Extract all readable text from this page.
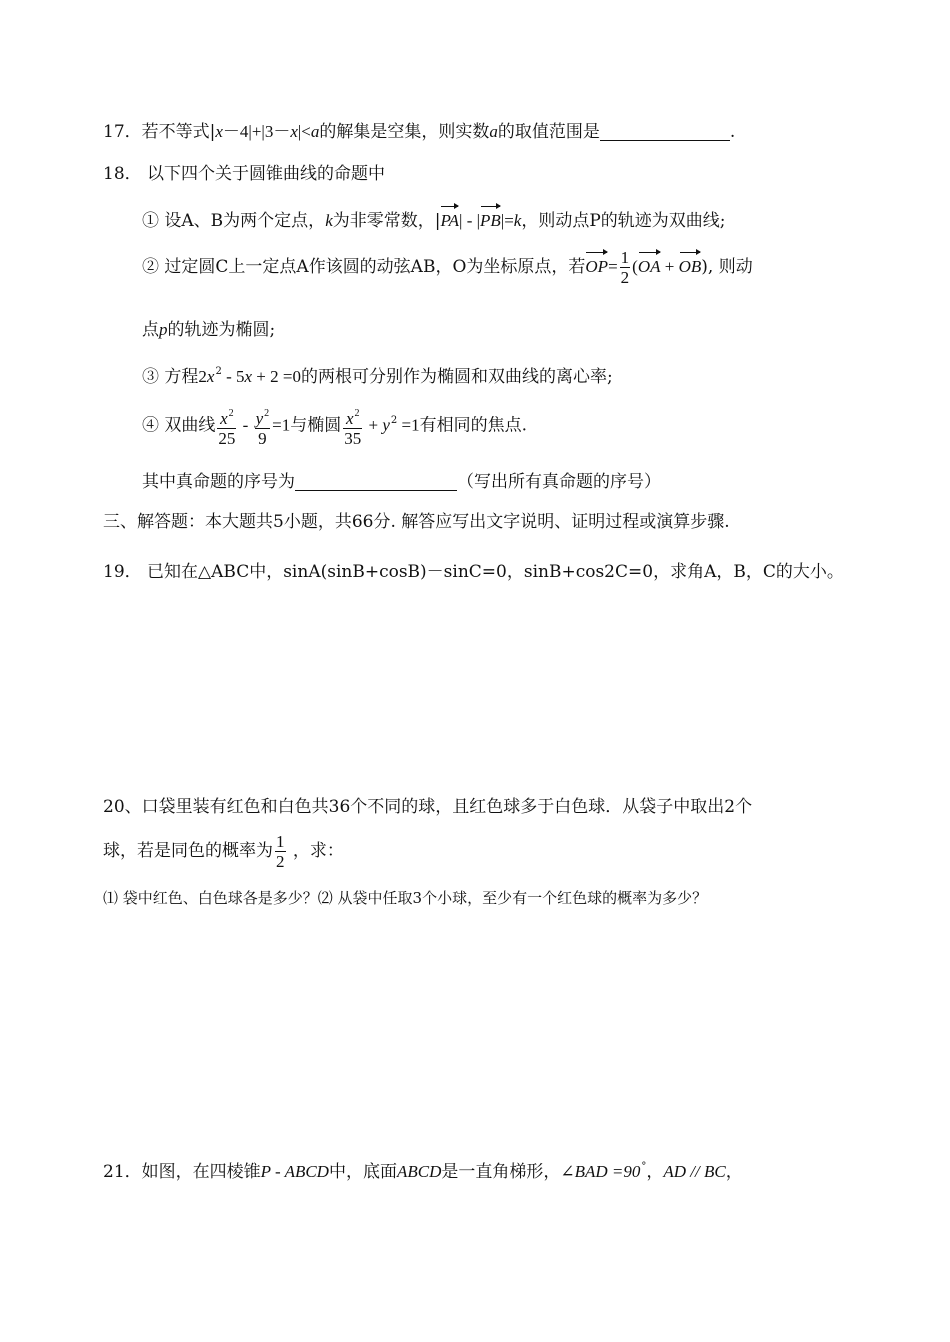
17．若不等式|x－4|+|3－x|<a的解集是空集，则实数a的取值范围是	.
18． 以下四个关于圆锥曲线的命题中
① 设A、B为两个定点，k为非零常数，|PA| - |PB|=k，则动点P的轨迹为双曲线;
② 过定圆C上一定点A作该圆的动弦AB，O为坐标原点，若$OP= \frac{1}{2} (OA + OB)$, 则动
点p的轨迹为椭圆;
③ 方程$2x^2 - 5x + 2 =0$的两根可分别作为椭圆和双曲线的离心率;
④ 双曲线 $\frac{x^2}{25} - \frac{y^2}{9} =1$与椭圆 $\frac{x^2}{35} + y^2 =1$有相同的焦点.
其中真命题的序号为	（写出所有真命题的序号）
三、解答题：本大题共5小题，共66分. 解答应写出文字说明、证明过程或演算步骤.
19． 已知在△ABC中，sinA(sinB+cosB)－sinC=0，sinB+cos2C=0，求角A，B，C的大小。
20、口袋里装有红色和白色共36个不同的球，且红色球多于白色球．从袋子中取出2个
球，若是同色的概率为 $\frac{1}{2}$ ，求：
⑴ 袋中红色、白色球各是多少？⑵ 从袋中任取3个小球，至少有一个红色球的概率为多少？
21．如图，在四棱锥P - ABCD中，底面ABCD是一直角梯形，∠BAD =90°，AD // BC，
